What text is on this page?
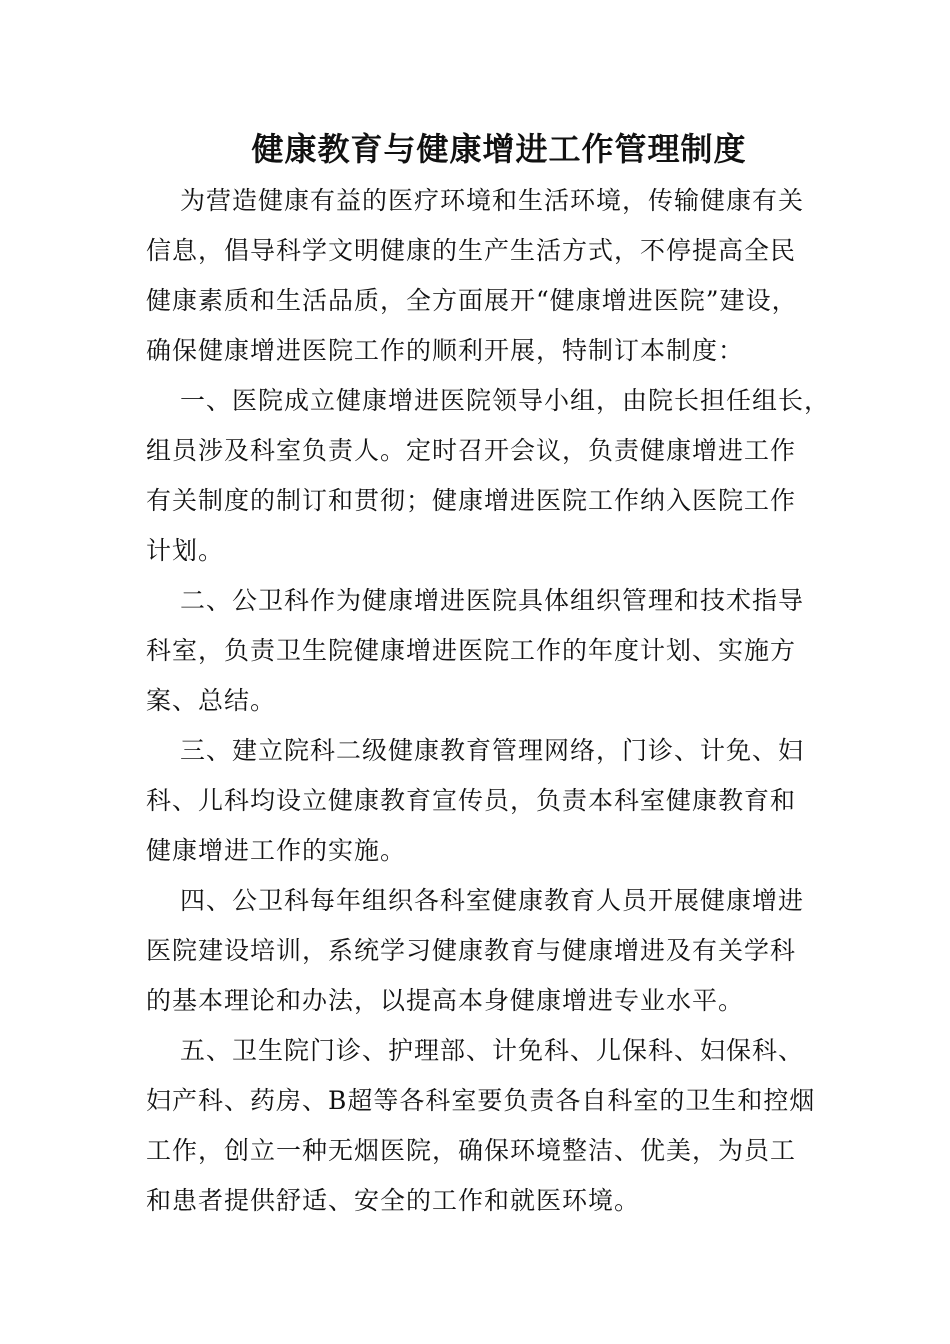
健康教育与健康增进工作管理制度
为营造健康有益的医疗环境和生活环境，传输健康有关
信息，倡导科学文明健康的生产生活方式，不停提高全民
健康素质和生活品质，全方面展开“健康增进医院”建设，
确保健康增进医院工作的顺利开展，特制订本制度：
一、医院成立健康增进医院领导小组，由院长担任组长，
组员涉及科室负责人。定时召开会议，负责健康增进工作
有关制度的制订和贯彻；健康增进医院工作纳入医院工作
计划。
二、公卫科作为健康增进医院具体组织管理和技术指导
科室，负责卫生院健康增进医院工作的年度计划、实施方
案、总结。
三、建立院科二级健康教育管理网络，门诊、计免、妇
科、儿科均设立健康教育宣传员，负责本科室健康教育和
健康增进工作的实施。
四、公卫科每年组织各科室健康教育人员开展健康增进
医院建设培训，系统学习健康教育与健康增进及有关学科
的基本理论和办法，以提高本身健康增进专业水平。
五、卫生院门诊、护理部、计免科、儿保科、妇保科、
妇产科、药房、B超等各科室要负责各自科室的卫生和控烟
工作，创立一种无烟医院，确保环境整洁、优美，为员工
和患者提供舒适、安全的工作和就医环境。
